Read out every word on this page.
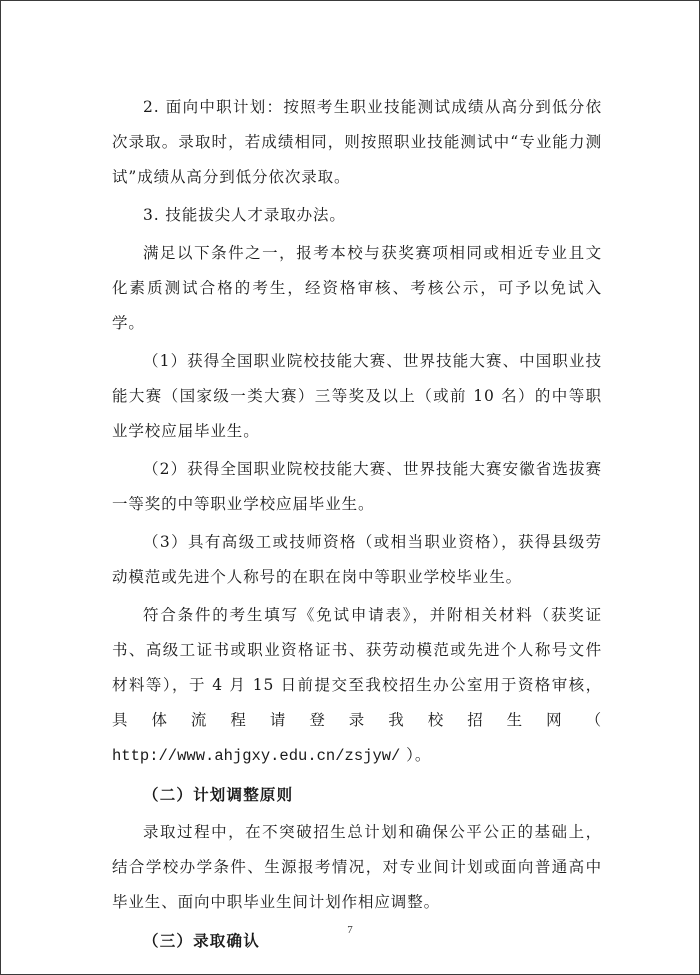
2. 面向中职计划：按照考生职业技能测试成绩从高分到低分依次录取。录取时，若成绩相同，则按照职业技能测试中“专业能力测试”成绩从高分到低分依次录取。

3. 技能拔尖人才录取办法。

满足以下条件之一，报考本校与获奖赛项相同或相近专业且文化素质测试合格的考生，经资格审核、考核公示，可予以免试入学。

（1）获得全国职业院校技能大赛、世界技能大赛、中国职业技能大赛（国家级一类大赛）三等奖及以上（或前 10 名）的中等职业学校应届毕业生。

（2）获得全国职业院校技能大赛、世界技能大赛安徽省选拔赛一等奖的中等职业学校应届毕业生。

（3）具有高级工或技师资格（或相当职业资格），获得县级劳动模范或先进个人称号的在职在岗中等职业学校毕业生。

符合条件的考生填写《免试申请表》，并附相关材料（获奖证书、高级工证书或职业资格证书、获劳动模范或先进个人称号文件材料等），于 4 月 15 日前提交至我校招生办公室用于资格审核，具体流程请登录我校招生网（ http://www.ahjgxy.edu.cn/zsjyw/ ）。

（二）计划调整原则

录取过程中，在不突破招生总计划和确保公平公正的基础上，结合学校办学条件、生源报考情况，对专业间计划或面向普通高中毕业生、面向中职毕业生间计划作相应调整。

（三）录取确认

7
